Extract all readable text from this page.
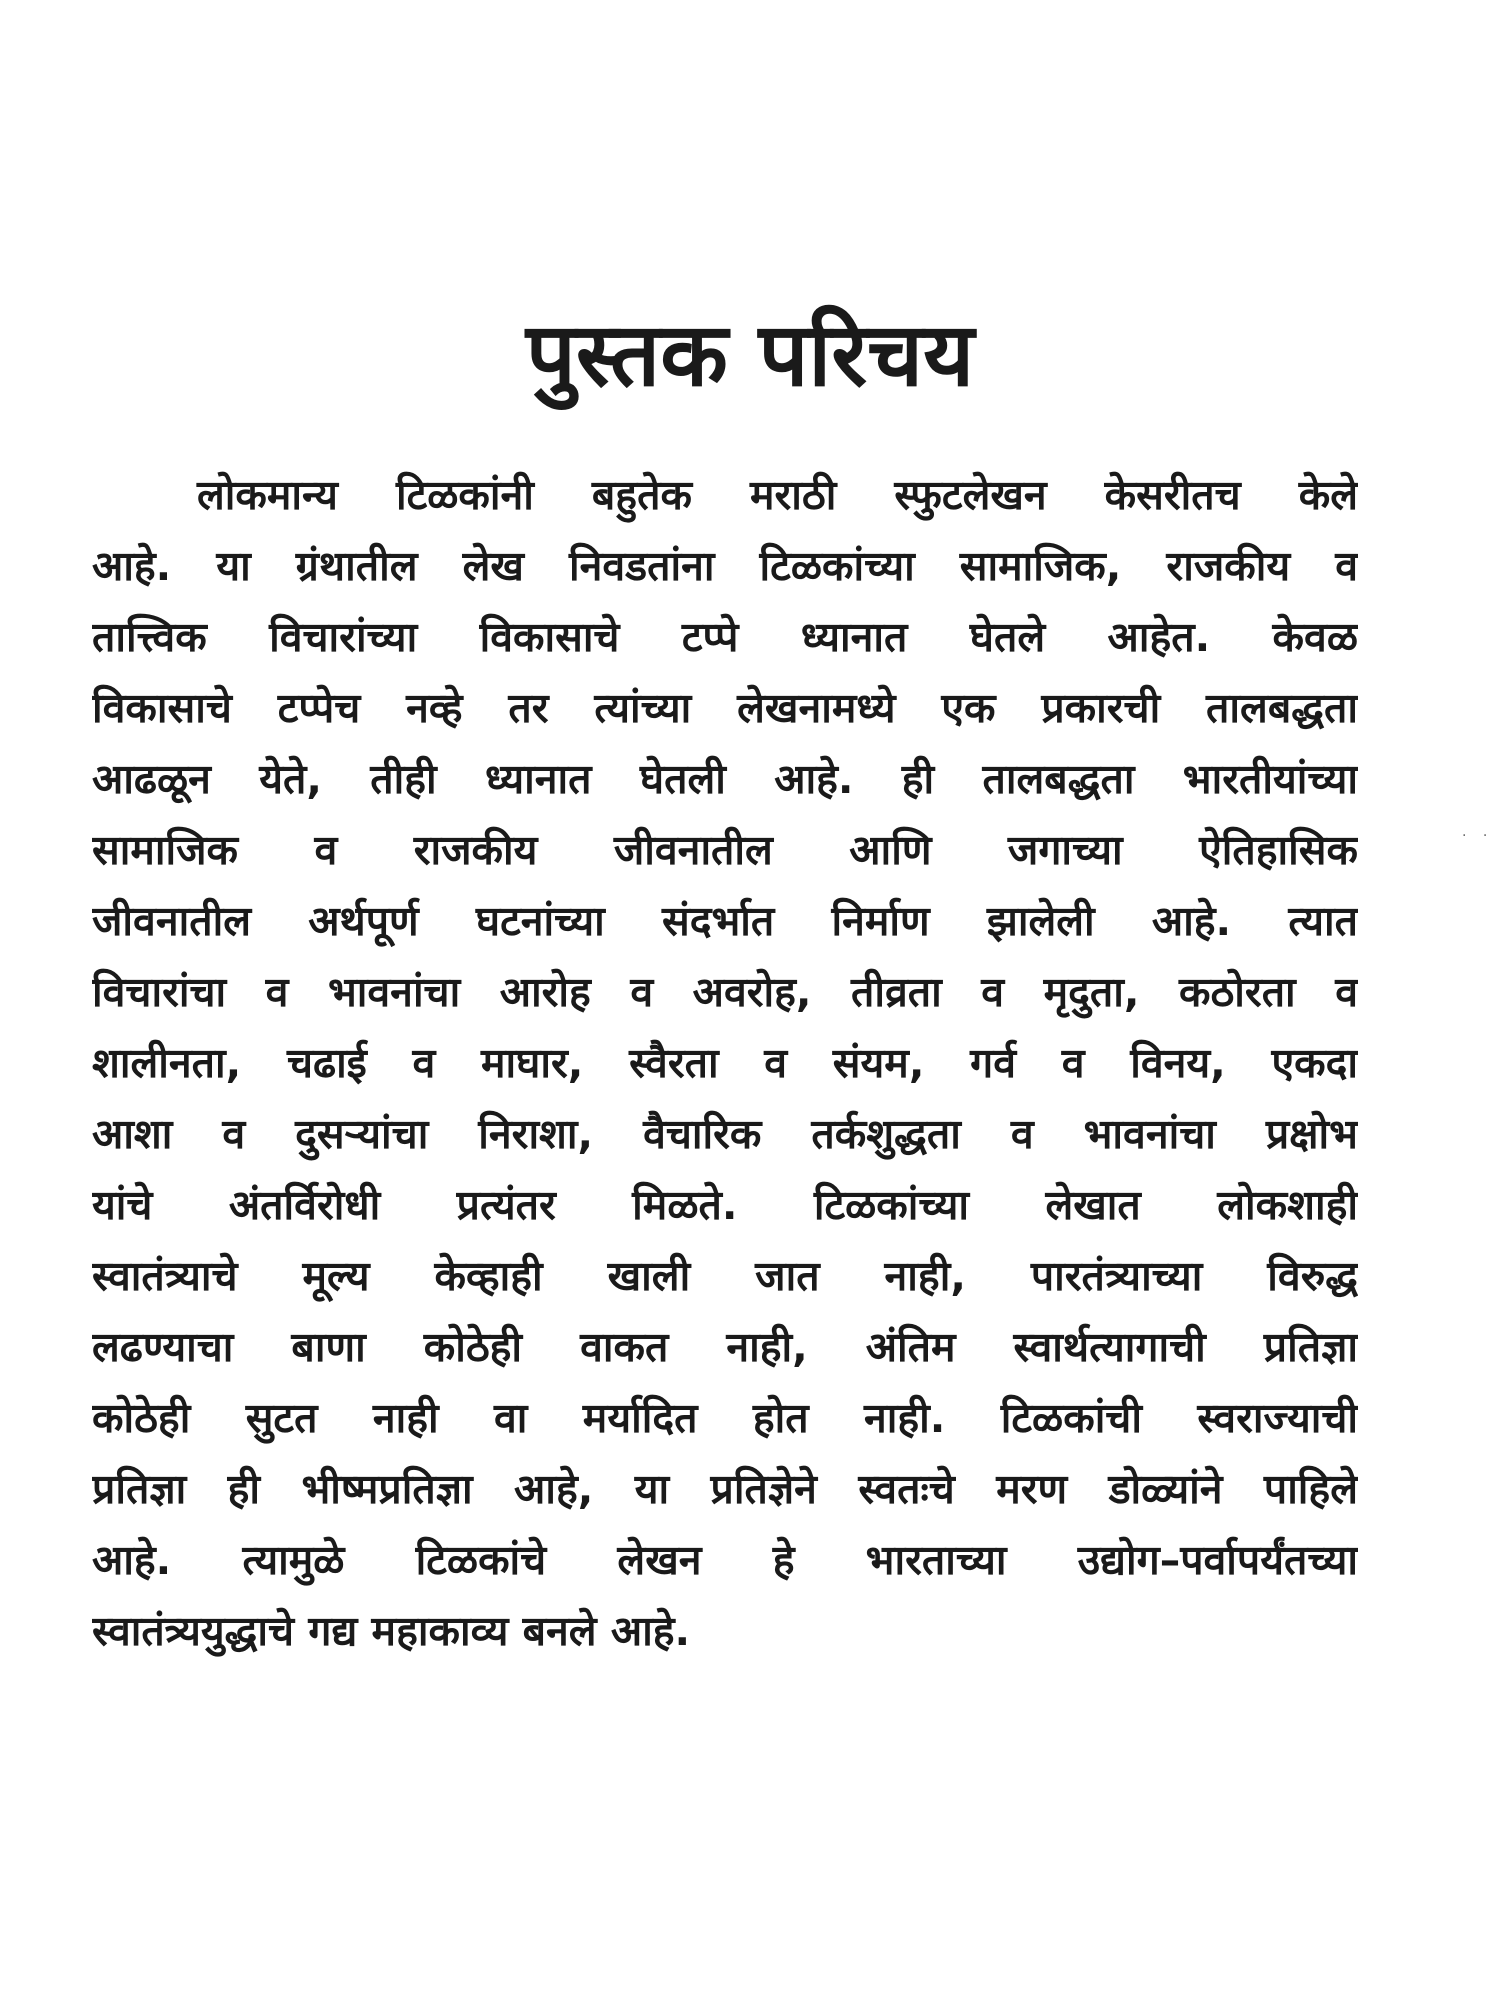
पुस्तक परिचय
लोकमान्य टिळकांनी बहुतेक मराठी स्फुटलेखन केसरीतच केले
आहे. या ग्रंथातील लेख निवडतांना टिळकांच्या सामाजिक, राजकीय व
तात्त्विक विचारांच्या विकासाचे टप्पे ध्यानात घेतले आहेत. केवळ
विकासाचे टप्पेच नव्हे तर त्यांच्या लेखनामध्ये एक प्रकारची तालबद्धता
आढळून येते, तीही ध्यानात घेतली आहे. ही तालबद्धता भारतीयांच्या
सामाजिक व राजकीय जीवनातील आणि जगाच्या ऐतिहासिक
जीवनातील अर्थपूर्ण घटनांच्या संदर्भात निर्माण झालेली आहे. त्यात
विचारांचा व भावनांचा आरोह व अवरोह, तीव्रता व मृदुता, कठोरता व
शालीनता, चढाई व माघार, स्वैरता व संयम, गर्व व विनय, एकदा
आशा व दुसऱ्यांचा निराशा, वैचारिक तर्कशुद्धता व भावनांचा प्रक्षोभ
यांचे अंतर्विरोधी प्रत्यंतर मिळते. टिळकांच्या लेखात लोकशाही
स्वातंत्र्याचे मूल्य केव्हाही खाली जात नाही, पारतंत्र्याच्या विरुद्ध
लढण्याचा बाणा कोठेही वाकत नाही, अंतिम स्वार्थत्यागाची प्रतिज्ञा
कोठेही सुटत नाही वा मर्यादित होत नाही. टिळकांची स्वराज्याची
प्रतिज्ञा ही भीष्मप्रतिज्ञा आहे, या प्रतिज्ञेने स्वतःचे मरण डोळ्यांने पाहिले
आहे. त्यामुळे टिळकांचे लेखन हे भारताच्या उद्योग–पर्वापर्यंतच्या
स्वातंत्र्ययुद्धाचे गद्य महाकाव्य बनले आहे.
· ·
